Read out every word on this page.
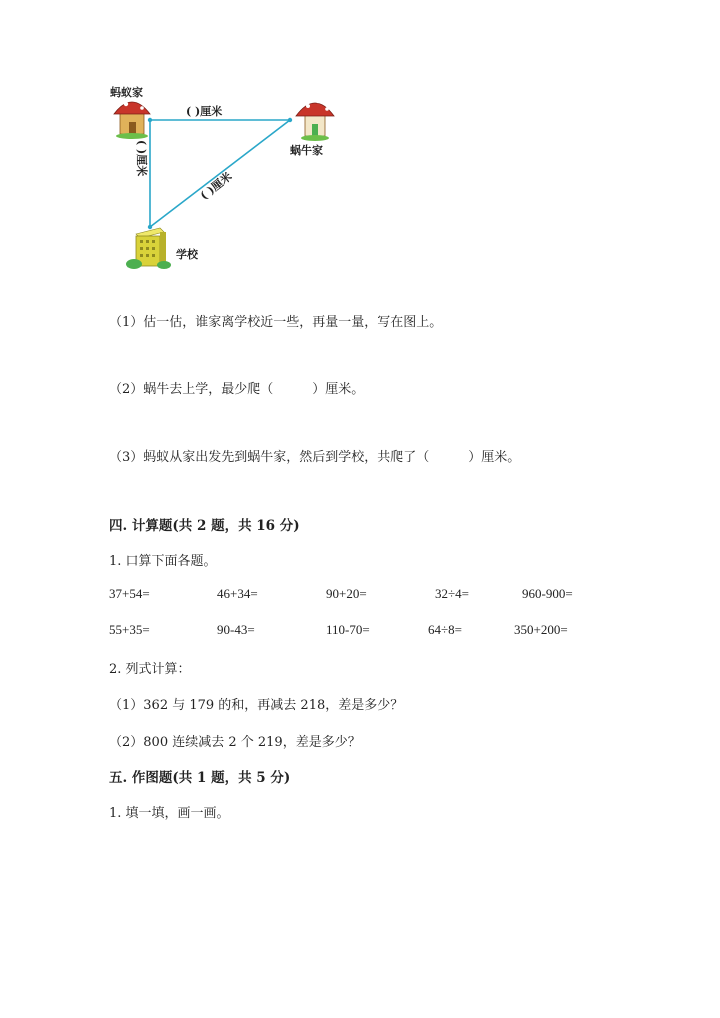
蚂蚁家
蜗牛家
学校
( )厘米
( )厘米
( )厘米
（1）估一估，谁家离学校近一些，再量一量，写在图上。
（2）蜗牛去上学，最少爬（　　　）厘米。
（3）蚂蚁从家出发先到蜗牛家，然后到学校，共爬了（　　　）厘米。
四. 计算题(共 2 题，共 16 分)
1. 口算下面各题。
37+54=	46+34=	90+20=	32÷4=	960-900=
55+35=	90-43=	110-70=	64÷8=	350+200=
2. 列式计算：
（1）362 与 179 的和，再减去 218，差是多少？
（2）800 连续减去 2 个 219，差是多少？
五. 作图题(共 1 题，共 5 分)
1. 填一填，画一画。
